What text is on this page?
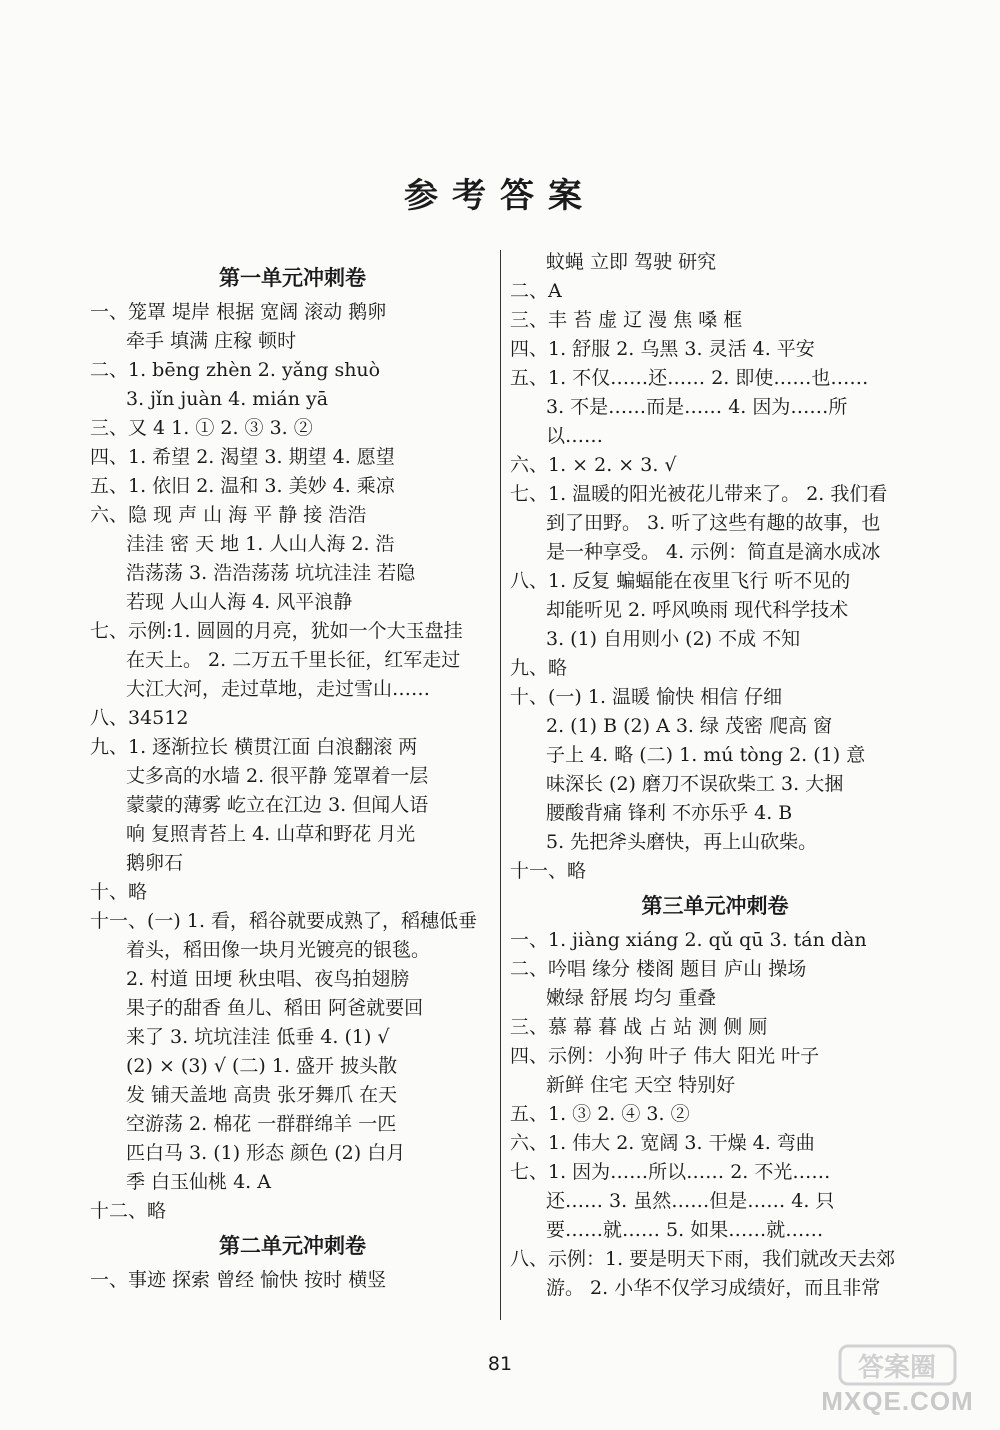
参考答案
第一单元冲刺卷
一、笼罩 堤岸 根据 宽阔 滚动 鹅卵
牵手 填满 庄稼 顿时
二、1. bēng zhèn 2. yǎng shuò
3. jǐn juàn 4. mián yā
三、又 4 1. ① 2. ③ 3. ②
四、1. 希望 2. 渴望 3. 期望 4. 愿望
五、1. 依旧 2. 温和 3. 美妙 4. 乘凉
六、隐 现 声 山 海 平 静 接 浩浩
洼洼 密 天 地 1. 人山人海 2. 浩
浩荡荡 3. 浩浩荡荡 坑坑洼洼 若隐
若现 人山人海 4. 风平浪静
七、示例:1. 圆圆的月亮，犹如一个大玉盘挂
在天上。 2. 二万五千里长征，红军走过
大江大河，走过草地，走过雪山……
八、34512
九、1. 逐渐拉长 横贯江面 白浪翻滚 两
丈多高的水墙 2. 很平静 笼罩着一层
蒙蒙的薄雾 屹立在江边 3. 但闻人语
响 复照青苔上 4. 山草和野花 月光
鹅卵石
十、略
十一、(一) 1. 看，稻谷就要成熟了，稻穗低垂
着头，稻田像一块月光镀亮的银毯。
2. 村道 田埂 秋虫唱、夜鸟拍翅膀
果子的甜香 鱼儿、稻田 阿爸就要回
来了 3. 坑坑洼洼 低垂 4. (1) √
(2) × (3) √ (二) 1. 盛开 披头散
发 铺天盖地 高贵 张牙舞爪 在天
空游荡 2. 棉花 一群群绵羊 一匹
匹白马 3. (1) 形态 颜色 (2) 白月
季 白玉仙桃 4. A
十二、略
第二单元冲刺卷
一、事迹 探索 曾经 愉快 按时 横竖
蚊蝇 立即 驾驶 研究
二、A
三、丰 苔 虚 辽 漫 焦 嗓 框
四、1. 舒服 2. 乌黑 3. 灵活 4. 平安
五、1. 不仅……还…… 2. 即使……也……
3. 不是……而是…… 4. 因为……所
以……
六、1. × 2. × 3. √
七、1. 温暖的阳光被花儿带来了。 2. 我们看
到了田野。 3. 听了这些有趣的故事，也
是一种享受。 4. 示例：简直是滴水成冰
八、1. 反复 蝙蝠能在夜里飞行 听不见的
却能听见 2. 呼风唤雨 现代科学技术
3. (1) 自用则小 (2) 不成 不知
九、略
十、(一) 1. 温暖 愉快 相信 仔细
2. (1) B (2) A 3. 绿 茂密 爬高 窗
子上 4. 略 (二) 1. mú tòng 2. (1) 意
味深长 (2) 磨刀不误砍柴工 3. 大捆
腰酸背痛 锋利 不亦乐乎 4. B
5. 先把斧头磨快，再上山砍柴。
十一、略
第三单元冲刺卷
一、1. jiàng xiáng 2. qǔ qū 3. tán dàn
二、吟唱 缘分 楼阁 题目 庐山 操场
嫩绿 舒展 均匀 重叠
三、慕 幕 暮 战 占 站 测 侧 厕
四、示例：小狗 叶子 伟大 阳光 叶子
新鲜 住宅 天空 特别好
五、1. ③ 2. ④ 3. ②
六、1. 伟大 2. 宽阔 3. 干燥 4. 弯曲
七、1. 因为……所以…… 2. 不光……
还…… 3. 虽然……但是…… 4. 只
要……就…… 5. 如果……就……
八、示例：1. 要是明天下雨，我们就改天去郊
游。 2. 小华不仅学习成绩好，而且非常
81	答案圈
MXQE.COM
